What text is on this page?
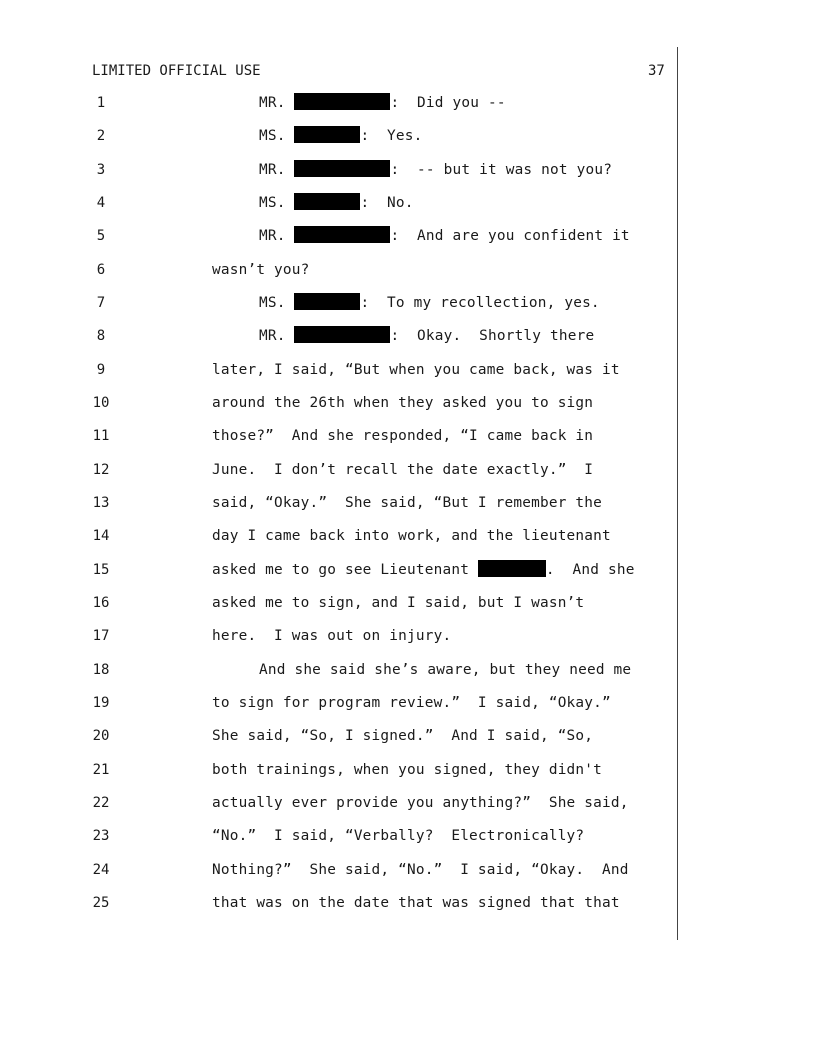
LIMITED OFFICIAL USE	37
1	MR.	:  Did you --
2	MS.	:  Yes.
3	MR.	:  -- but it was not you?
4	MS.	:  No.
5	MR.	:  And are you confident it
6	wasn’t you?
7	MS.	:  To my recollection, yes.
8	MR.	:  Okay.  Shortly there
9	later, I said, “But when you came back, was it
10	around the 26th when they asked you to sign
11	those?”  And she responded, “I came back in
12	June.  I don’t recall the date exactly.”  I
13	said, “Okay.”  She said, “But I remember the
14	day I came back into work, and the lieutenant
15	asked me to go see Lieutenant	.  And she
16	asked me to sign, and I said, but I wasn’t
17	here.  I was out on injury.
18	And she said she’s aware, but they need me
19	to sign for program review.”  I said, “Okay.”
20	She said, “So, I signed.”  And I said, “So,
21	both trainings, when you signed, they didn't
22	actually ever provide you anything?”  She said,
23	“No.”  I said, “Verbally?  Electronically?
24	Nothing?”  She said, “No.”  I said, “Okay.  And
25	that was on the date that was signed that that
